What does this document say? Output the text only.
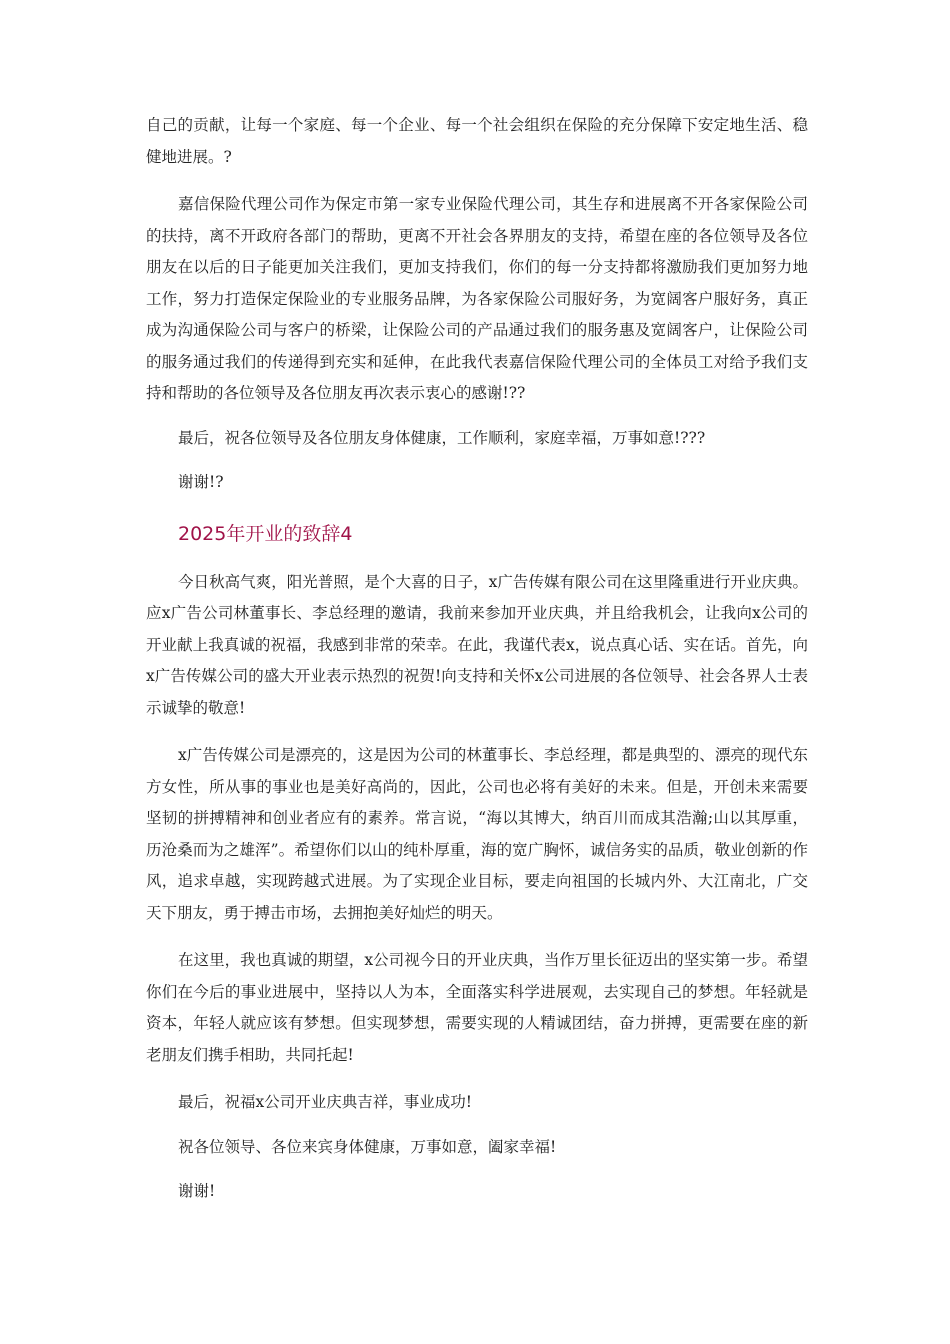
自己的贡献，让每一个家庭、每一个企业、每一个社会组织在保险的充分保障下安定地生活、稳健地进展。?

嘉信保险代理公司作为保定市第一家专业保险代理公司，其生存和进展离不开各家保险公司的扶持，离不开政府各部门的帮助，更离不开社会各界朋友的支持，希望在座的各位领导及各位朋友在以后的日子能更加关注我们，更加支持我们，你们的每一分支持都将激励我们更加努力地工作，努力打造保定保险业的专业服务品牌，为各家保险公司服好务，为宽阔客户服好务，真正成为沟通保险公司与客户的桥梁，让保险公司的产品通过我们的服务惠及宽阔客户，让保险公司的服务通过我们的传递得到充实和延伸，在此我代表嘉信保险代理公司的全体员工对给予我们支持和帮助的各位领导及各位朋友再次表示衷心的感谢!??

最后，祝各位领导及各位朋友身体健康，工作顺利，家庭幸福，万事如意!???

谢谢!?

2025年开业的致辞4

今日秋高气爽，阳光普照，是个大喜的日子，x广告传媒有限公司在这里隆重进行开业庆典。应x广告公司林董事长、李总经理的邀请，我前来参加开业庆典，并且给我机会，让我向x公司的开业献上我真诚的祝福，我感到非常的荣幸。在此，我谨代表x，说点真心话、实在话。首先，向x广告传媒公司的盛大开业表示热烈的祝贺!向支持和关怀x公司进展的各位领导、社会各界人士表示诚挚的敬意!

x广告传媒公司是漂亮的，这是因为公司的林董事长、李总经理，都是典型的、漂亮的现代东方女性，所从事的事业也是美好高尚的，因此，公司也必将有美好的未来。但是，开创未来需要坚韧的拼搏精神和创业者应有的素养。常言说，“海以其博大，纳百川而成其浩瀚;山以其厚重，历沧桑而为之雄浑”。希望你们以山的纯朴厚重，海的宽广胸怀，诚信务实的品质，敬业创新的作风，追求卓越，实现跨越式进展。为了实现企业目标，要走向祖国的长城内外、大江南北，广交天下朋友，勇于搏击市场，去拥抱美好灿烂的明天。

在这里，我也真诚的期望，x公司视今日的开业庆典，当作万里长征迈出的坚实第一步。希望你们在今后的事业进展中，坚持以人为本，全面落实科学进展观，去实现自己的梦想。年轻就是资本，年轻人就应该有梦想。但实现梦想，需要实现的人精诚团结，奋力拼搏，更需要在座的新老朋友们携手相助，共同托起!

最后，祝福x公司开业庆典吉祥，事业成功!

祝各位领导、各位来宾身体健康，万事如意，阖家幸福!

谢谢!
